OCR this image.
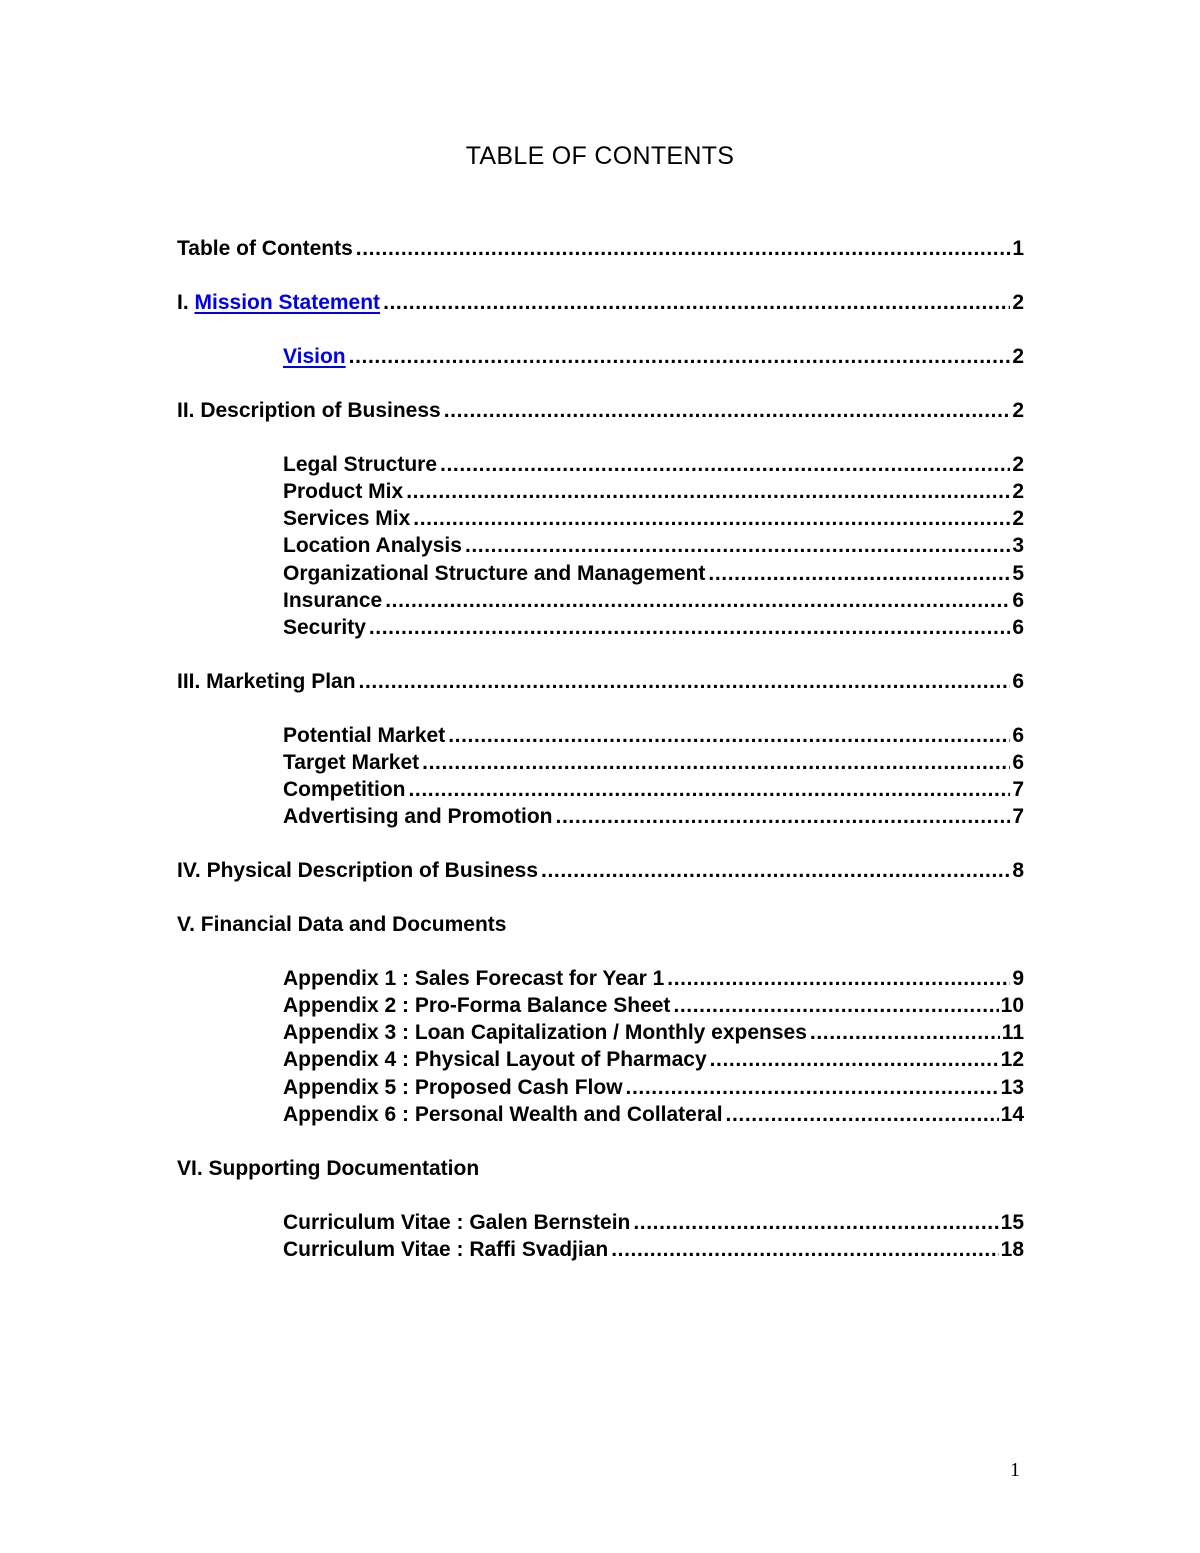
TABLE OF CONTENTS
Table of Contents .....	1
I. Mission Statement .....	2
Vision .....	2
II. Description of Business .....	2
Legal Structure .....	2
Product Mix .....	2
Services Mix .....	2
Location Analysis .....	3
Organizational Structure and Management .....	5
Insurance .....	6
Security .....	6
III. Marketing Plan .....	6
Potential Market .....	6
Target Market .....	6
Competition .....	7
Advertising and Promotion .....	7
IV. Physical Description of Business .....	8
V. Financial Data and Documents
Appendix 1 : Sales Forecast for Year 1 .....	9
Appendix 2 : Pro-Forma Balance Sheet .....	10
Appendix 3 : Loan Capitalization / Monthly expenses .....	11
Appendix 4 : Physical Layout of Pharmacy .....	12
Appendix 5 : Proposed Cash Flow .....	13
Appendix 6 : Personal Wealth and Collateral .....	14
VI. Supporting Documentation
Curriculum Vitae : Galen Bernstein .....	15
Curriculum Vitae : Raffi Svadjian .....	18
1
